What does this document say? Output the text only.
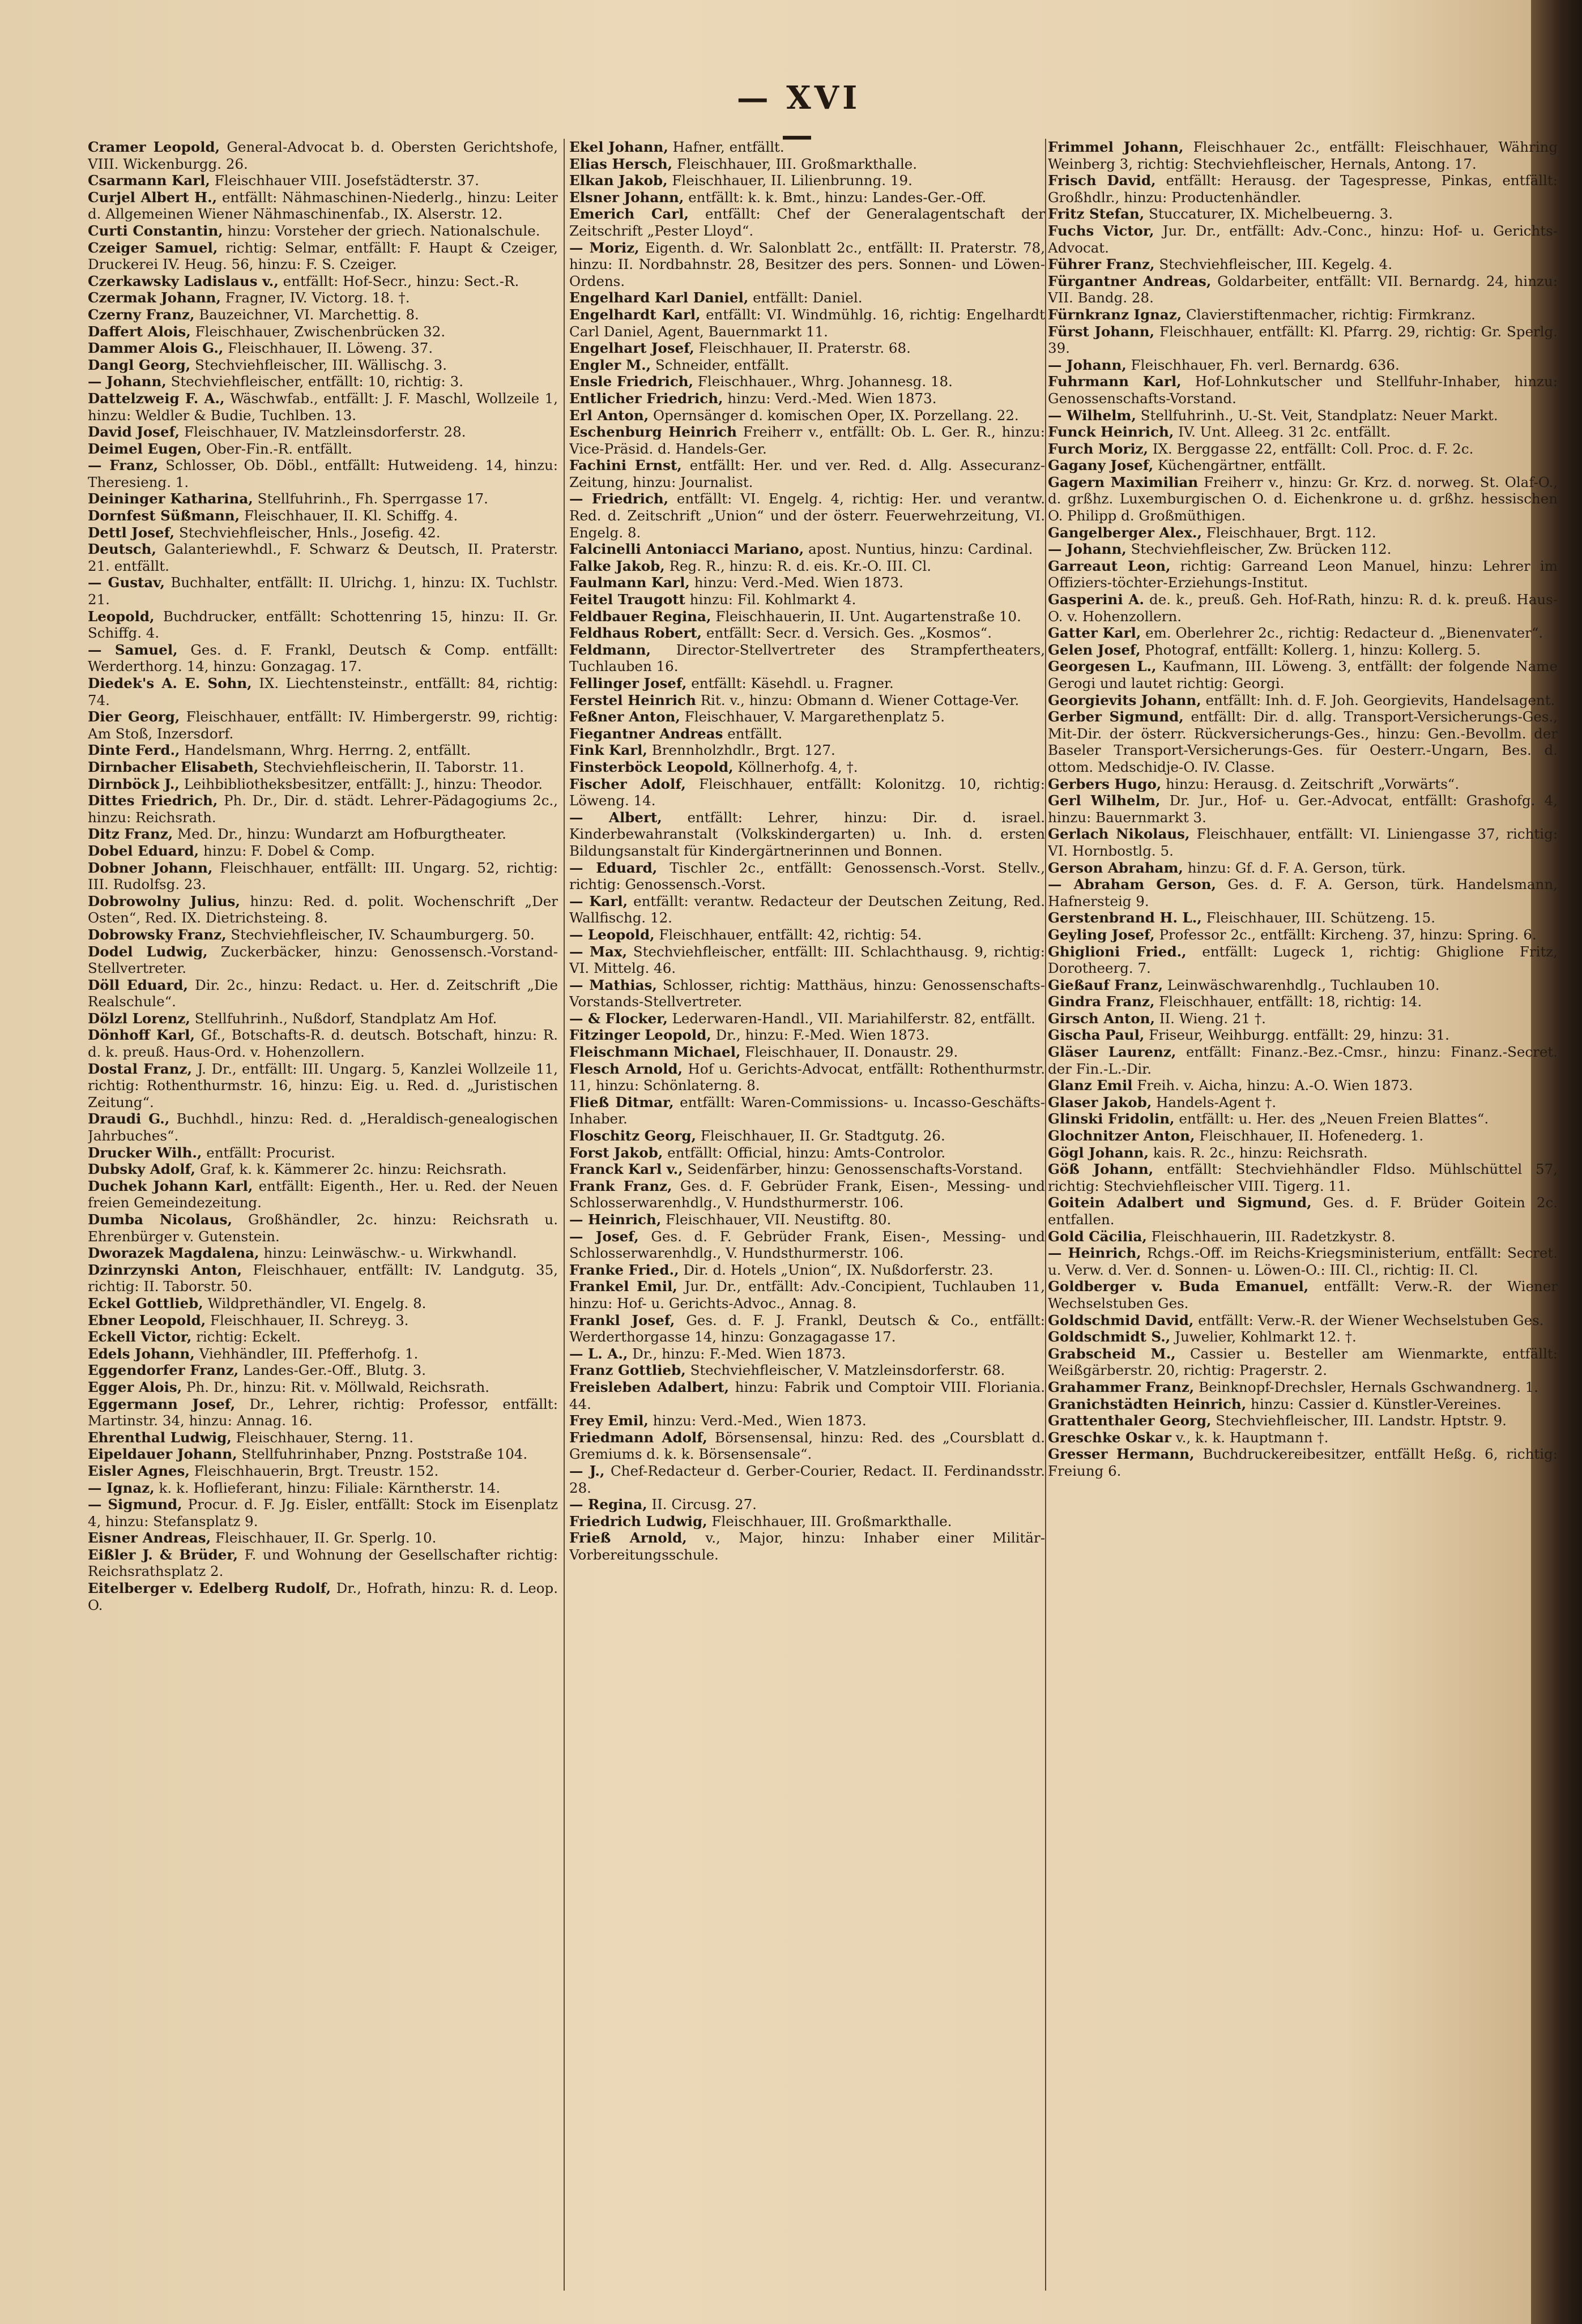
— XVI —

Cramer Leopold, General-Advocat b. d. Obersten Gerichtshofe, VIII. Wickenburgg. 26.

Csarmann Karl, Fleischhauer VIII. Josefstädterstr. 37.

Curjel Albert H., entfällt: Nähmaschinen-Niederlg., hinzu: Leiter d. Allgemeinen Wiener Nähmaschinenfab., IX. Alserstr. 12.

Curti Constantin, hinzu: Vorsteher der griech. Nationalschule.

Czeiger Samuel, richtig: Selmar, entfällt: F. Haupt & Czeiger, Druckerei IV. Heug. 56, hinzu: F. S. Czeiger.

Czerkawsky Ladislaus v., entfällt: Hof-Secr., hinzu: Sect.-R.

Czermak Johann, Fragner, IV. Victorg. 18. †.

Czerny Franz, Bauzeichner, VI. Marchettig. 8.

Daffert Alois, Fleischhauer, Zwischenbrücken 32.

Dammer Alois G., Fleischhauer, II. Löweng. 37.

Dangl Georg, Stechviehfleischer, III. Wällischg. 3.

— Johann, Stechviehfleischer, entfällt: 10, richtig: 3.

Dattelzweig F. A., Wäschwfab., entfällt: J. F. Maschl, Wollzeile 1, hinzu: Weldler & Budie, Tuchlben. 13.

David Josef, Fleischhauer, IV. Matzleinsdorferstr. 28.

Deimel Eugen, Ober-Fin.-R. entfällt.

— Franz, Schlosser, Ob. Döbl., entfällt: Hutweideng. 14, hinzu: Theresieng. 1.

Deininger Katharina, Stellfuhrinh., Fh. Sperrgasse 17.

Dornfest Süßmann, Fleischhauer, II. Kl. Schiffg. 4.

Dettl Josef, Stechviehfleischer, Hnls., Josefig. 42.

Deutsch, Galanteriewhdl., F. Schwarz & Deutsch, II. Praterstr. 21. entfällt.

— Gustav, Buchhalter, entfällt: II. Ulrichg. 1, hinzu: IX. Tuchlstr. 21.

Leopold, Buchdrucker, entfällt: Schottenring 15, hinzu: II. Gr. Schiffg. 4.

— Samuel, Ges. d. F. Frankl, Deutsch & Comp. entfällt: Werderthorg. 14, hinzu: Gonzagag. 17.

Diedek's A. E. Sohn, IX. Liechtensteinstr., entfällt: 84, richtig: 74.

Dier Georg, Fleischhauer, entfällt: IV. Himbergerstr. 99, richtig: Am Stoß, Inzersdorf.

Dinte Ferd., Handelsmann, Whrg. Herrng. 2, entfällt.

Dirnbacher Elisabeth, Stechviehfleischerin, II. Taborstr. 11.

Dirnböck J., Leihbibliotheksbesitzer, entfällt: J., hinzu: Theodor.

Dittes Friedrich, Ph. Dr., Dir. d. städt. Lehrer-Pädagogiums 2c., hinzu: Reichsrath.

Ditz Franz, Med. Dr., hinzu: Wundarzt am Hofburgtheater.

Dobel Eduard, hinzu: F. Dobel & Comp.

Dobner Johann, Fleischhauer, entfällt: III. Ungarg. 52, richtig: III. Rudolfsg. 23.

Dobrowolny Julius, hinzu: Red. d. polit. Wochenschrift „Der Osten“, Red. IX. Dietrichsteing. 8.

Dobrowsky Franz, Stechviehfleischer, IV. Schaumburgerg. 50.

Dodel Ludwig, Zuckerbäcker, hinzu: Genossensch.-Vorstand-Stellvertreter.

Döll Eduard, Dir. 2c., hinzu: Redact. u. Her. d. Zeitschrift „Die Realschule“.

Dölzl Lorenz, Stellfuhrinh., Nußdorf, Standplatz Am Hof.

Dönhoff Karl, Gf., Botschafts-R. d. deutsch. Botschaft, hinzu: R. d. k. preuß. Haus-Ord. v. Hohenzollern.

Dostal Franz, J. Dr., entfällt: III. Ungarg. 5, Kanzlei Wollzeile 11, richtig: Rothenthurmstr. 16, hinzu: Eig. u. Red. d. „Juristischen Zeitung“.

Draudi G., Buchhdl., hinzu: Red. d. „Heraldisch-genealogischen Jahrbuches“.

Drucker Wilh., entfällt: Procurist.

Dubsky Adolf, Graf, k. k. Kämmerer 2c. hinzu: Reichsrath.

Duchek Johann Karl, entfällt: Eigenth., Her. u. Red. der Neuen freien Gemeindezeitung.

Dumba Nicolaus, Großhändler, 2c. hinzu: Reichsrath u. Ehrenbürger v. Gutenstein.

Dworazek Magdalena, hinzu: Leinwäschw.- u. Wirkwhandl.

Dzinrzynski Anton, Fleischhauer, entfällt: IV. Landgutg. 35, richtig: II. Taborstr. 50.

Eckel Gottlieb, Wildprethändler, VI. Engelg. 8.

Ebner Leopold, Fleischhauer, II. Schreyg. 3.

Eckell Victor, richtig: Eckelt.

Edels Johann, Viehhändler, III. Pfefferhofg. 1.

Eggendorfer Franz, Landes-Ger.-Off., Blutg. 3.

Egger Alois, Ph. Dr., hinzu: Rit. v. Möllwald, Reichsrath.

Eggermann Josef, Dr., Lehrer, richtig: Professor, entfällt: Martinstr. 34, hinzu: Annag. 16.

Ehrenthal Ludwig, Fleischhauer, Sterng. 11.

Eipeldauer Johann, Stellfuhrinhaber, Pnzng. Poststraße 104.

Eisler Agnes, Fleischhauerin, Brgt. Treustr. 152.

— Ignaz, k. k. Hoflieferant, hinzu: Filiale: Kärntherstr. 14.

— Sigmund, Procur. d. F. Jg. Eisler, entfällt: Stock im Eisenplatz 4, hinzu: Stefansplatz 9.

Eisner Andreas, Fleischhauer, II. Gr. Sperlg. 10.

Eißler J. & Brüder, F. und Wohnung der Gesellschafter richtig: Reichsrathsplatz 2.

Eitelberger v. Edelberg Rudolf, Dr., Hofrath, hinzu: R. d. Leop. O.

Ekel Johann, Hafner, entfällt.

Elias Hersch, Fleischhauer, III. Großmarkthalle.

Elkan Jakob, Fleischhauer, II. Lilienbrunng. 19.

Elsner Johann, entfällt: k. k. Bmt., hinzu: Landes-Ger.-Off.

Emerich Carl, entfällt: Chef der Generalagentschaft der Zeitschrift „Pester Lloyd“.

— Moriz, Eigenth. d. Wr. Salonblatt 2c., entfällt: II. Praterstr. 78, hinzu: II. Nordbahnstr. 28, Besitzer des pers. Sonnen- und Löwen-Ordens.

Engelhard Karl Daniel, entfällt: Daniel.

Engelhardt Karl, entfällt: VI. Windmühlg. 16, richtig: Engelhardt Carl Daniel, Agent, Bauernmarkt 11.

Engelhart Josef, Fleischhauer, II. Praterstr. 68.

Engler M., Schneider, entfällt.

Ensle Friedrich, Fleischhauer., Whrg. Johannesg. 18.

Entlicher Friedrich, hinzu: Verd.-Med. Wien 1873.

Erl Anton, Opernsänger d. komischen Oper, IX. Porzellang. 22.

Eschenburg Heinrich Freiherr v., entfällt: Ob. L. Ger. R., hinzu: Vice-Präsid. d. Handels-Ger.

Fachini Ernst, entfällt: Her. und ver. Red. d. Allg. Assecuranz-Zeitung, hinzu: Journalist.

— Friedrich, entfällt: VI. Engelg. 4, richtig: Her. und verantw. Red. d. Zeitschrift „Union“ und der österr. Feuerwehrzeitung, VI. Engelg. 8.

Falcinelli Antoniacci Mariano, apost. Nuntius, hinzu: Cardinal.

Falke Jakob, Reg. R., hinzu: R. d. eis. Kr.-O. III. Cl.

Faulmann Karl, hinzu: Verd.-Med. Wien 1873.

Feitel Traugott hinzu: Fil. Kohlmarkt 4.

Feldbauer Regina, Fleischhauerin, II. Unt. Augartenstraße 10.

Feldhaus Robert, entfällt: Secr. d. Versich. Ges. „Kosmos“.

Feldmann, Director-Stellvertreter des Strampfertheaters, Tuchlauben 16.

Fellinger Josef, entfällt: Käsehdl. u. Fragner.

Ferstel Heinrich Rit. v., hinzu: Obmann d. Wiener Cottage-Ver.

Feßner Anton, Fleischhauer, V. Margarethenplatz 5.

Fiegantner Andreas entfällt.

Fink Karl, Brennholzhdlr., Brgt. 127.

Finsterböck Leopold, Köllnerhofg. 4, †.

Fischer Adolf, Fleischhauer, entfällt: Kolonitzg. 10, richtig: Löweng. 14.

— Albert, entfällt: Lehrer, hinzu: Dir. d. israel. Kinderbewahranstalt (Volkskindergarten) u. Inh. d. ersten Bildungsanstalt für Kindergärtnerinnen und Bonnen.

— Eduard, Tischler 2c., entfällt: Genossensch.-Vorst. Stellv., richtig: Genossensch.-Vorst.

— Karl, entfällt: verantw. Redacteur der Deutschen Zeitung, Red. Wallfischg. 12.

— Leopold, Fleischhauer, entfällt: 42, richtig: 54.

— Max, Stechviehfleischer, entfällt: III. Schlachthausg. 9, richtig: VI. Mittelg. 46.

— Mathias, Schlosser, richtig: Matthäus, hinzu: Genossenschafts-Vorstands-Stellvertreter.

— & Flocker, Lederwaren-Handl., VII. Mariahilferstr. 82, entfällt.

Fitzinger Leopold, Dr., hinzu: F.-Med. Wien 1873.

Fleischmann Michael, Fleischhauer, II. Donaustr. 29.

Flesch Arnold, Hof u. Gerichts-Advocat, entfällt: Rothenthurmstr. 11, hinzu: Schönlaterng. 8.

Fließ Ditmar, entfällt: Waren-Commissions- u. Incasso-Geschäfts-Inhaber.

Floschitz Georg, Fleischhauer, II. Gr. Stadtgutg. 26.

Forst Jakob, entfällt: Official, hinzu: Amts-Controlor.

Franck Karl v., Seidenfärber, hinzu: Genossenschafts-Vorstand.

Frank Franz, Ges. d. F. Gebrüder Frank, Eisen-, Messing- und Schlosserwarenhdlg., V. Hundsthurmerstr. 106.

— Heinrich, Fleischhauer, VII. Neustiftg. 80.

— Josef, Ges. d. F. Gebrüder Frank, Eisen-, Messing- und Schlosserwarenhdlg., V. Hundsthurmerstr. 106.

Franke Fried., Dir. d. Hotels „Union“, IX. Nußdorferstr. 23.

Frankel Emil, Jur. Dr., entfällt: Adv.-Concipient, Tuchlauben 11, hinzu: Hof- u. Gerichts-Advoc., Annag. 8.

Frankl Josef, Ges. d. F. J. Frankl, Deutsch & Co., entfällt: Werderthorgasse 14, hinzu: Gonzagagasse 17.

— L. A., Dr., hinzu: F.-Med. Wien 1873.

Franz Gottlieb, Stechviehfleischer, V. Matzleinsdorferstr. 68.

Freisleben Adalbert, hinzu: Fabrik und Comptoir VIII. Floriania. 44.

Frey Emil, hinzu: Verd.-Med., Wien 1873.

Friedmann Adolf, Börsensensal, hinzu: Red. des „Coursblatt d. Gremiums d. k. k. Börsensensale“.

— J., Chef-Redacteur d. Gerber-Courier, Redact. II. Ferdinandsstr. 28.

— Regina, II. Circusg. 27.

Friedrich Ludwig, Fleischhauer, III. Großmarkthalle.

Frieß Arnold, v., Major, hinzu: Inhaber einer Militär-Vorbereitungsschule.

Frimmel Johann, Fleischhauer 2c., entfällt: Fleischhauer, Währing Weinberg 3, richtig: Stechviehfleischer, Hernals, Antong. 17.

Frisch David, entfällt: Herausg. der Tagespresse, Pinkas, entfällt: Großhdlr., hinzu: Productenhändler.

Fritz Stefan, Stuccaturer, IX. Michelbeuerng. 3.

Fuchs Victor, Jur. Dr., entfällt: Adv.-Conc., hinzu: Hof- u. Gerichts-Advocat.

Führer Franz, Stechviehfleischer, III. Kegelg. 4.

Fürgantner Andreas, Goldarbeiter, entfällt: VII. Bernardg. 24, hinzu: VII. Bandg. 28.

Fürnkranz Ignaz, Clavierstiftenmacher, richtig: Firmkranz.

Fürst Johann, Fleischhauer, entfällt: Kl. Pfarrg. 29, richtig: Gr. Sperlg. 39.

— Johann, Fleischhauer, Fh. verl. Bernardg. 636.

Fuhrmann Karl, Hof-Lohnkutscher und Stellfuhr-Inhaber, hinzu: Genossenschafts-Vorstand.

— Wilhelm, Stellfuhrinh., U.-St. Veit, Standplatz: Neuer Markt.

Funck Heinrich, IV. Unt. Alleeg. 31 2c. entfällt.

Furch Moriz, IX. Berggasse 22, entfällt: Coll. Proc. d. F. 2c.

Gagany Josef, Küchengärtner, entfällt.

Gagern Maximilian Freiherr v., hinzu: Gr. Krz. d. norweg. St. Olaf-O., d. grßhz. Luxemburgischen O. d. Eichenkrone u. d. grßhz. hessischen O. Philipp d. Großmüthigen.

Gangelberger Alex., Fleischhauer, Brgt. 112.

— Johann, Stechviehfleischer, Zw. Brücken 112.

Garreaut Leon, richtig: Garreand Leon Manuel, hinzu: Lehrer im Offiziers-töchter-Erziehungs-Institut.

Gasperini A. de. k., preuß. Geh. Hof-Rath, hinzu: R. d. k. preuß. Haus-O. v. Hohenzollern.

Gatter Karl, em. Oberlehrer 2c., richtig: Redacteur d. „Bienenvater“.

Gelen Josef, Photograf, entfällt: Kollerg. 1, hinzu: Kollerg. 5.

Georgesen L., Kaufmann, III. Löweng. 3, entfällt: der folgende Name Gerogi und lautet richtig: Georgi.

Georgievits Johann, entfällt: Inh. d. F. Joh. Georgievits, Handelsagent.

Gerber Sigmund, entfällt: Dir. d. allg. Transport-Versicherungs-Ges., Mit-Dir. der österr. Rückversicherungs-Ges., hinzu: Gen.-Bevollm. der Baseler Transport-Versicherungs-Ges. für Oesterr.-Ungarn, Bes. d. ottom. Medschidje-O. IV. Classe.

Gerbers Hugo, hinzu: Herausg. d. Zeitschrift „Vorwärts“.

Gerl Wilhelm, Dr. Jur., Hof- u. Ger.-Advocat, entfällt: Grashofg. 4, hinzu: Bauernmarkt 3.

Gerlach Nikolaus, Fleischhauer, entfällt: VI. Liniengasse 37, richtig: VI. Hornbostlg. 5.

Gerson Abraham, hinzu: Gf. d. F. A. Gerson, türk.

— Abraham Gerson, Ges. d. F. A. Gerson, türk. Handelsmann, Hafnersteig 9.

Gerstenbrand H. L., Fleischhauer, III. Schützeng. 15.

Geyling Josef, Professor 2c., entfällt: Kircheng. 37, hinzu: Spring. 6.

Ghiglioni Fried., entfällt: Lugeck 1, richtig: Ghiglione Fritz, Dorotheerg. 7.

Gießauf Franz, Leinwäschwarenhdlg., Tuchlauben 10.

Gindra Franz, Fleischhauer, entfällt: 18, richtig: 14.

Girsch Anton, II. Wieng. 21 †.

Gischa Paul, Friseur, Weihburgg. entfällt: 29, hinzu: 31.

Gläser Laurenz, entfällt: Finanz.-Bez.-Cmsr., hinzu: Finanz.-Secret. der Fin.-L.-Dir.

Glanz Emil Freih. v. Aicha, hinzu: A.-O. Wien 1873.

Glaser Jakob, Handels-Agent †.

Glinski Fridolin, entfällt: u. Her. des „Neuen Freien Blattes“.

Glochnitzer Anton, Fleischhauer, II. Hofenederg. 1.

Gögl Johann, kais. R. 2c., hinzu: Reichsrath.

Göß Johann, entfällt: Stechviehhändler Fldso. Mühlschüttel 57, richtig: Stechviehfleischer VIII. Tigerg. 11.

Goitein Adalbert und Sigmund, Ges. d. F. Brüder Goitein 2c. entfallen.

Gold Cäcilia, Fleischhauerin, III. Radetzkystr. 8.

— Heinrich, Rchgs.-Off. im Reichs-Kriegsministerium, entfällt: Secret. u. Verw. d. Ver. d. Sonnen- u. Löwen-O.: III. Cl., richtig: II. Cl.

Goldberger v. Buda Emanuel, entfällt: Verw.-R. der Wiener Wechselstuben Ges.

Goldschmid David, entfällt: Verw.-R. der Wiener Wechselstuben Ges.

Goldschmidt S., Juwelier, Kohlmarkt 12. †.

Grabscheid M., Cassier u. Besteller am Wienmarkte, entfällt: Weißgärberstr. 20, richtig: Pragerstr. 2.

Grahammer Franz, Beinknopf-Drechsler, Hernals Gschwandnerg. 1.

Granichstädten Heinrich, hinzu: Cassier d. Künstler-Vereines.

Grattenthaler Georg, Stechviehfleischer, III. Landstr. Hptstr. 9.

Greschke Oskar v., k. k. Hauptmann †.

Gresser Hermann, Buchdruckereibesitzer, entfällt Heßg. 6, richtig: Freiung 6.
